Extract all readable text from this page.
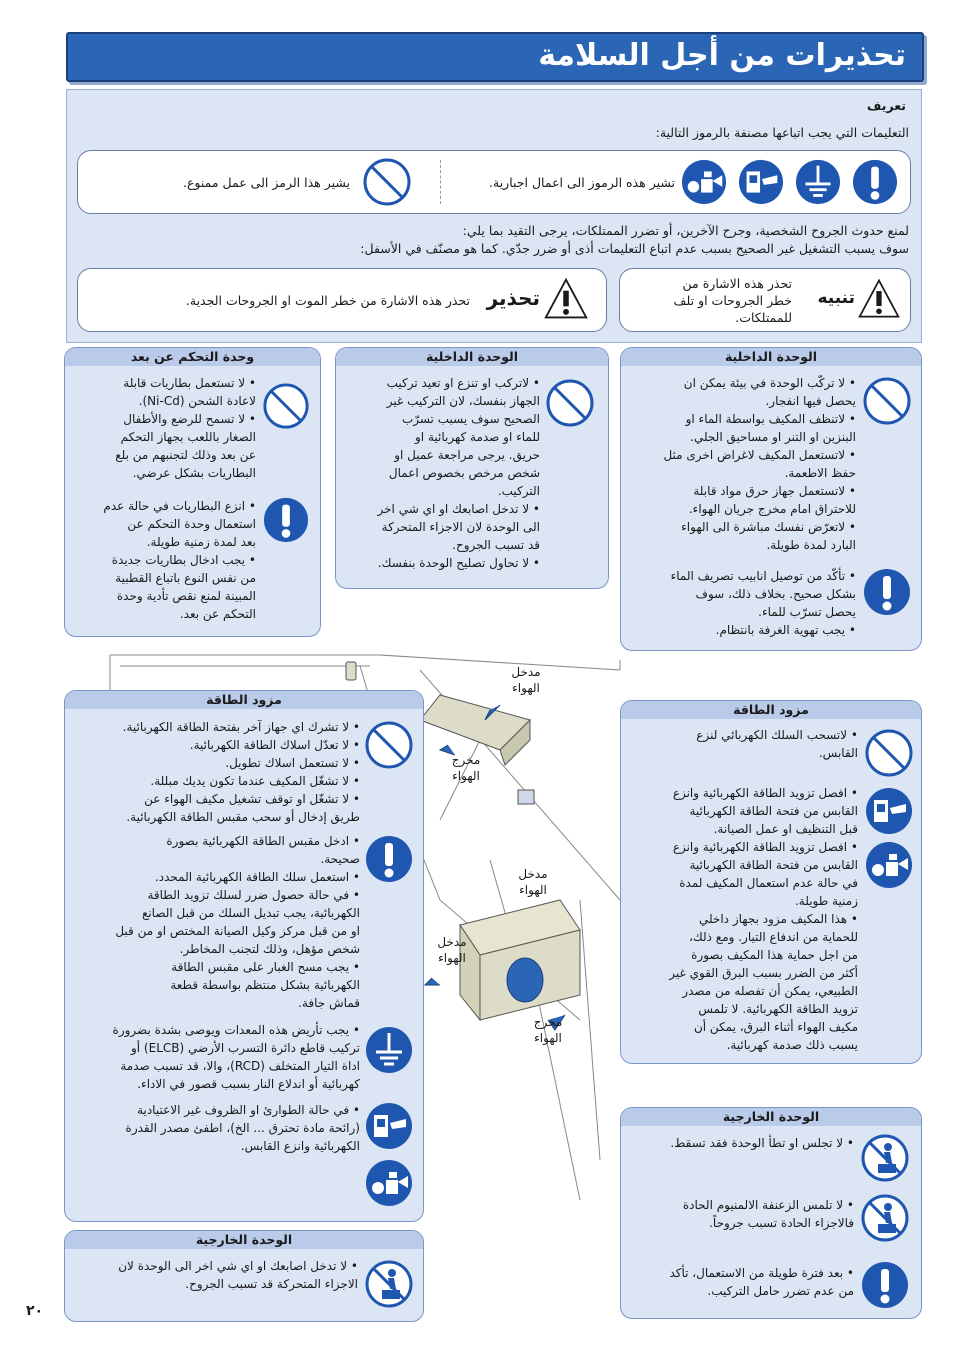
تحذيرات من أجل السلامة
تعريف
التعليمات التي يجب اتباعها مصنفة بالرموز التالية:
تشير هذه الرموز الى اعمال اجبارية.
يشير هذا الرمز الى عمل ممنوع.
لمنع حدوث الجروح الشخصية، وجرح الآخرين، أو تضرر الممتلكات، يرجى التقيد بما يلي:
سوف يسبب التشغيل غير الصحيح بسبب عدم اتباع التعليمات أذى أو ضرر جدّي. كما هو مصنّف في الأسفل:
تحذير
تحذر هذه الاشارة من خطر الموت او الجروحات الجدية.	تنبيه
تحذر هذه الاشارة من
خطر الجروحات او تلف
للممتلكات.
مدخل الهواء
مخرج الهواء
مدخل الهواء
مدخل الهواء
مخرج الهواء
وحدة التحكم عن بعد
• لا تستعمل بطاريات قابلة
لاعادة الشحن (Ni-Cd).
• لا تسمح للرضع والأطفال
الصغار باللعب بجهاز التحكم
عن بعد وذلك لتجنبهم من بلع
البطاريات بشكل عرضي.
• انزع البطاريات في حالة عدم
استعمال وحدة التحكم عن
بعد لمدة زمنية طويلة.
• يجب ادخال بطاريات جديدة
من نفس النوع باتباع القطبية
المبينة لمنع نقص تأدية وحدة
التحكم عن بعد.
الوحدة الداخلية
• لاتركب او تنزع او تعيد تركيب
الجهاز بنفسك، لان التركيب غير
الصحيح سوف يسبب تسرّب
للماء او صدمة كهربائية او
حريق. يرجى مراجعة عميل او
شخص مرخص بخصوص اعمال
التركيب.
• لا تدخل اصابعك او اي شي اخر
الى الوحدة لان الاجزاء المتحركة
قد تسبب الجروح.
• لا تحاول تصليح الوحدة بنفسك.
الوحدة الداخلية
• لا تركّب الوحدة في بيئة يمكن ان
يحصل فيها انفجار.
• لاتنظف المكيف بواسطة الماء او
البنزين او التنر او مساحيق الجلي.
• لاتستعمل المكيف لاغراض اخرى مثل
حفظ الاطعمة.
• لاتستعمل جهاز حرق مواد قابلة
للاحتراق امام مخرج جريان الهواء.
• لاتعرّض نفسك مباشرة الى الهواء
البارد لمدة طويلة.
• تأكّد من توصيل انابيب تصريف الماء
بشكل صحيح. بخلاف ذلك، سوف
يحصل تسرّب للماء.
• يجب تهوية الغرفة بانتظام.
مزود الطاقة
• لا تشرك اي جهاز آخر بفتحة الطاقة الكهربائية.
• لا تعدّل اسلاك الطاقة الكهربائية.
• لا تستعمل اسلاك تطويل.
• لا تشغّل المكيف عندما تكون يديك مبللة.
• لا تشغّل او توقف تشغيل مكيف الهواء عن
طريق إدخال أو سحب مقبس الطاقة الكهربائية.
• ادخل مقبس الطاقة الكهربائية بصورة
صحيحة.
• استعمل سلك الطاقة الكهربائية المحدد.
• في حالة حصول ضرر لسلك تزويد الطاقة
الكهربائية، يجب تبديل السلك من قبل الصانع
او من قبل مركز وكيل الصيانة المختص او من قبل
شخص مؤهل، وذلك لتجنب المخاطر.
• يجب مسح الغبار على مقبس الطاقة
الكهربائية بشكل منتظم بواسطة قطعة
قماش جافة.
• يجب تأريض هذه المعدات ويوصى بشدة بضرورة
تركيب قاطع دائرة التسرب الأرضي (ELCB) أو
اداة التيار المتخلف (RCD)، والا، قد تسبب صدمة
كهربائية أو اندلاع النار بسبب قصور في الاداء.
• في حالة الطوارئ او الظروف غير الاعتيادية
(رائحة مادة تحترق ... الخ)، اطفئ مصدر القدرة
الكهربائية وانزع القابس.
مزود الطاقة
• لاتسحب السلك الكهربائي لنزع
القابس.
• افصل تزويد الطاقة الكهربائية وانزع
القابس من فتحة الطاقة الكهربائية
قبل التنظيف او عمل الصيانة.
• افصل تزويد الطاقة الكهربائية وانزع
القابس من فتحة الطاقة الكهربائية
في حالة عدم استعمال المكيف لمدة
زمنية طويلة.
• هذا المكيف مزود بجهاز داخلي
للحماية من اندفاع التيار. ومع ذلك،
من اجل حماية هذا المكيف بصورة
أكثر من الضرر بسبب البرق القوي غير
الطبيعي، يمكن أن تفصله من مصدر
تزويد الطاقة الكهربائية. لا تلمس
مكيف الهواء أثناء البرق، يمكن أن
يسبب ذلك صدمة كهربائية.
الوحدة الخارجية
• لا تجلس او تطأ الوحدة فقد تسقط.
• لا تلمس الزعنفة الالمنيوم الحادة
فالاجزاء الحادة تسبب جروحاً.
• بعد فترة طويلة من الاستعمال، تأكد
من عدم تضرر حامل التركيب.
الوحدة الخارجية
• لا تدخل اصابعك او اي شي اخر الى الوحدة لان
الاجزاء المتحركة قد تسبب الجروح.
٢٠
